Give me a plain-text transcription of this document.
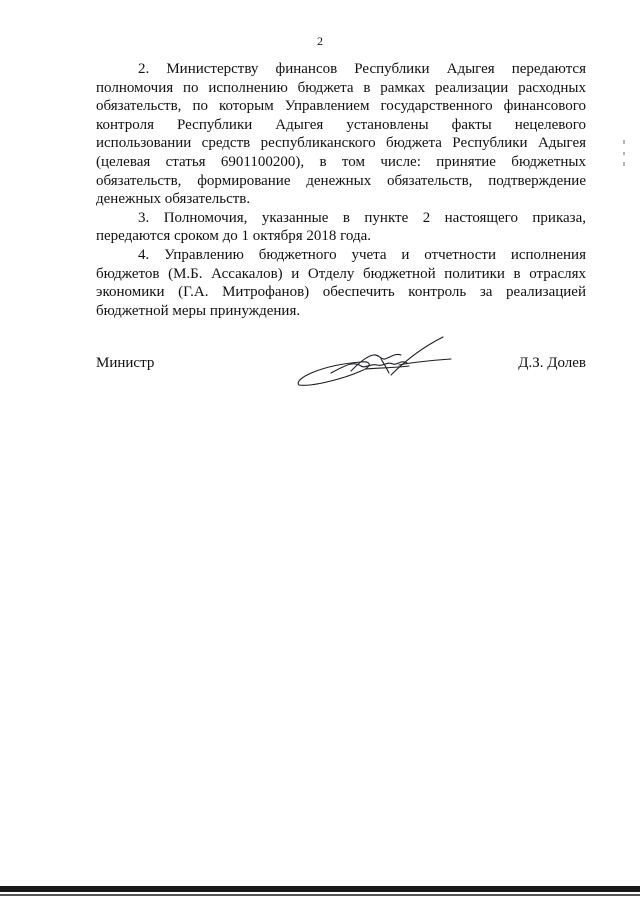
2

2. Министерству финансов Республики Адыгея передаются полномочия по исполнению бюджета в рамках реализации расходных обязательств, по которым Управлением государственного финансового контроля Республики Адыгея установлены факты нецелевого использовании средств республиканского бюджета Республики Адыгея (целевая статья 6901100200), в том числе: принятие бюджетных обязательств, формирование денежных обязательств, подтверждение денежных обязательств.

3. Полномочия, указанные в пункте 2 настоящего приказа, передаются сроком до 1 октября 2018 года.

4. Управлению бюджетного учета и отчетности исполнения бюджетов (М.Б. Ассакалов) и Отделу бюджетной политики в отраслях экономики (Г.А. Митрофанов) обеспечить контроль за реализацией бюджетной меры принуждения.

Министр	Д.З. Долев
